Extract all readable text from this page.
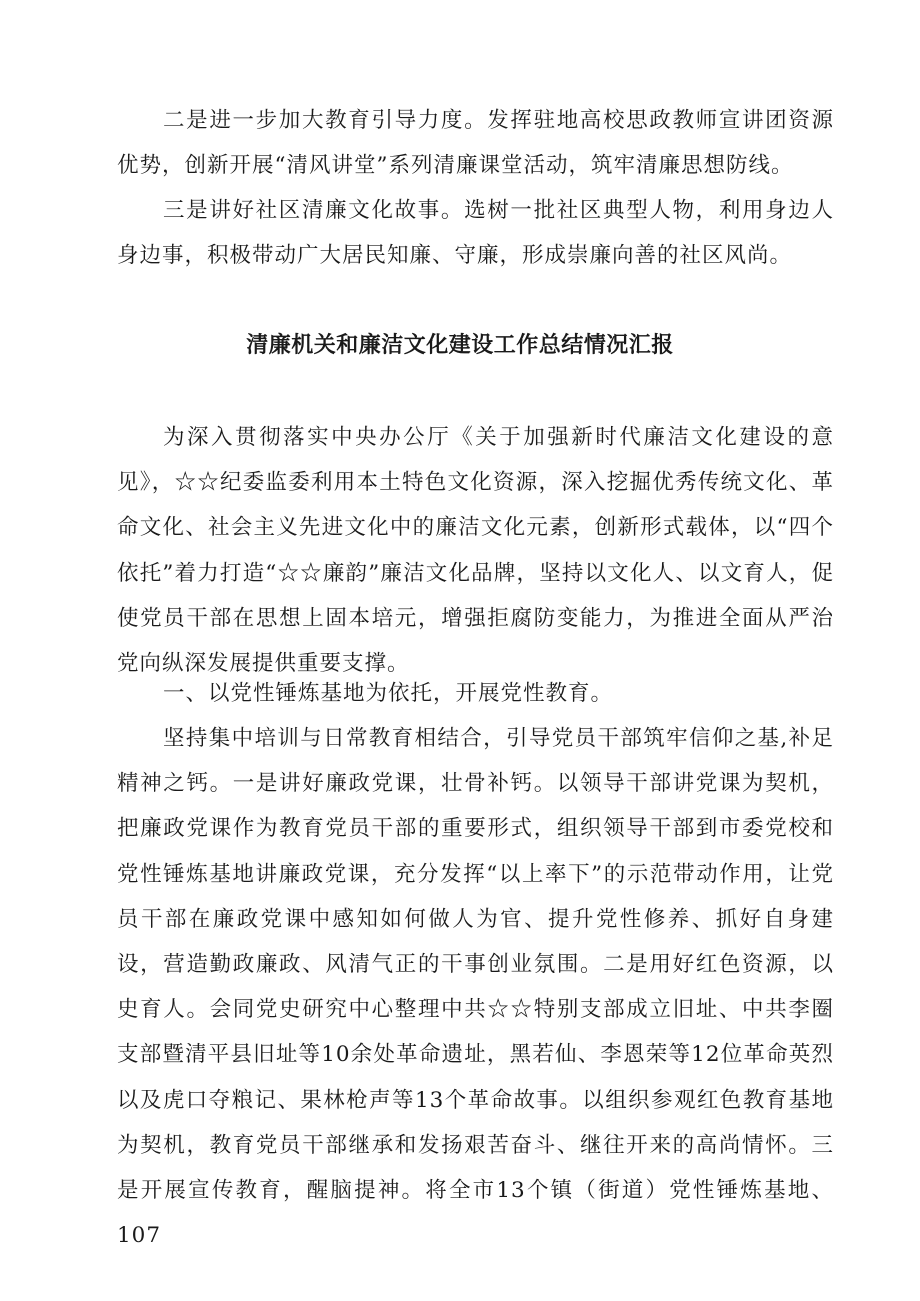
二是进一步加大教育引导力度。发挥驻地高校思政教师宣讲团资源优势，创新开展“清风讲堂”系列清廉课堂活动，筑牢清廉思想防线。

三是讲好社区清廉文化故事。选树一批社区典型人物，利用身边人身边事，积极带动广大居民知廉、守廉，形成崇廉向善的社区风尚。

清廉机关和廉洁文化建设工作总结情况汇报

为深入贯彻落实中央办公厅《关于加强新时代廉洁文化建设的意见》，☆☆纪委监委利用本土特色文化资源，深入挖掘优秀传统文化、革命文化、社会主义先进文化中的廉洁文化元素，创新形式载体，以“四个依托”着力打造“☆☆廉韵”廉洁文化品牌，坚持以文化人、以文育人，促使党员干部在思想上固本培元，增强拒腐防变能力，为推进全面从严治党向纵深发展提供重要支撑。

一、以党性锤炼基地为依托，开展党性教育。

坚持集中培训与日常教育相结合，引导党员干部筑牢信仰之基,补足精神之钙。一是讲好廉政党课，壮骨补钙。以领导干部讲党课为契机，把廉政党课作为教育党员干部的重要形式，组织领导干部到市委党校和党性锤炼基地讲廉政党课，充分发挥“以上率下”的示范带动作用，让党员干部在廉政党课中感知如何做人为官、提升党性修养、抓好自身建设，营造勤政廉政、风清气正的干事创业氛围。二是用好红色资源，以史育人。会同党史研究中心整理中共☆☆特别支部成立旧址、中共李圈支部暨清平县旧址等10余处革命遗址，黑若仙、李恩荣等12位革命英烈以及虎口夺粮记、果林枪声等13个革命故事。以组织参观红色教育基地为契机，教育党员干部继承和发扬艰苦奋斗、继往开来的高尚情怀。三是开展宣传教育，醒脑提神。将全市13个镇（街道）党性锤炼基地、107
